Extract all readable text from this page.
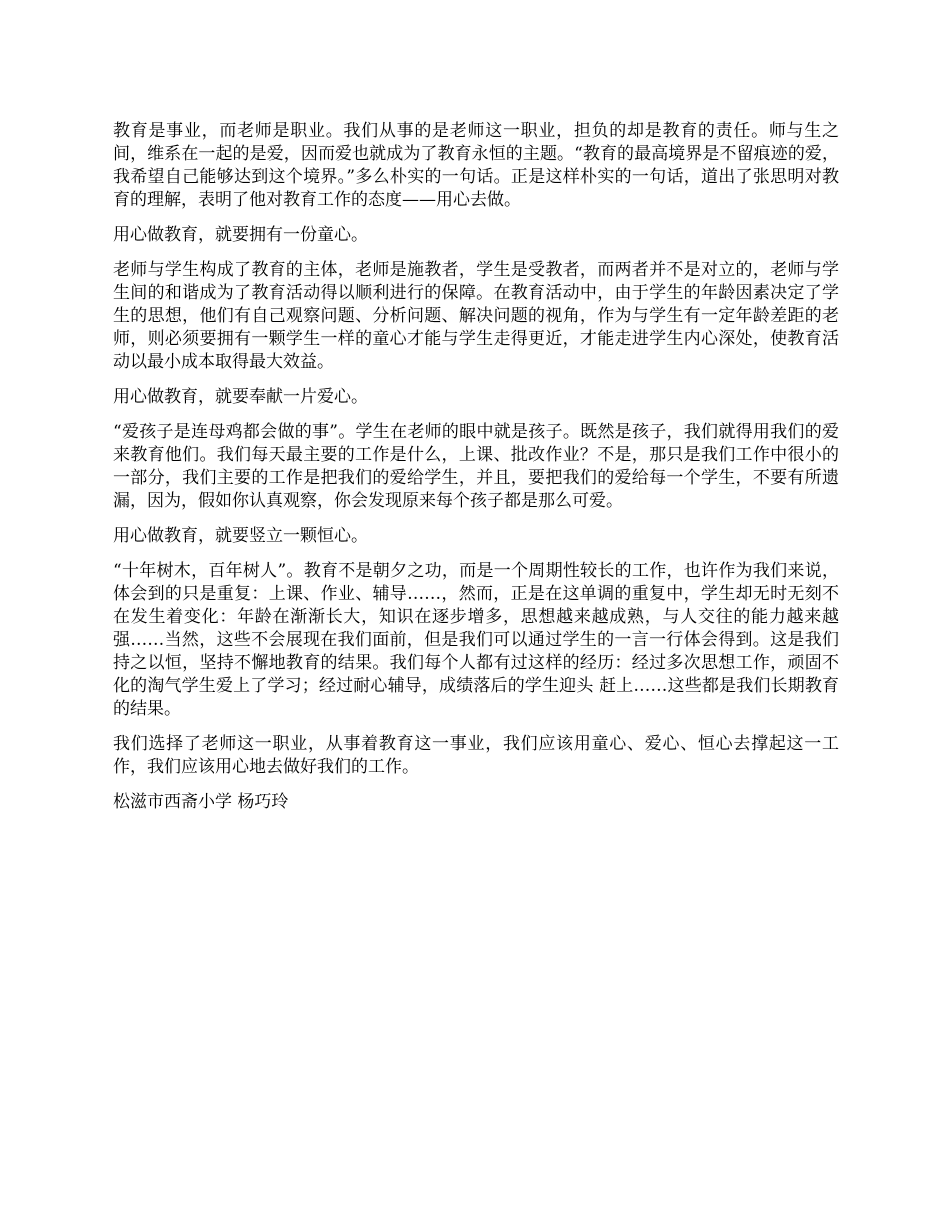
教育是事业，而老师是职业。我们从事的是老师这一职业，担负的却是教育的责任。师与生之间，维系在一起的是爱，因而爱也就成为了教育永恒的主题。“教育的最高境界是不留痕迹的爱，我希望自己能够达到这个境界。”多么朴实的一句话。正是这样朴实的一句话，道出了张思明对教育的理解，表明了他对教育工作的态度——用心去做。

用心做教育，就要拥有一份童心。

老师与学生构成了教育的主体，老师是施教者，学生是受教者，而两者并不是对立的，老师与学生间的和谐成为了教育活动得以顺利进行的保障。在教育活动中，由于学生的年龄因素决定了学生的思想，他们有自己观察问题、分析问题、解决问题的视角，作为与学生有一定年龄差距的老师，则必须要拥有一颗学生一样的童心才能与学生走得更近，才能走进学生内心深处，使教育活动以最小成本取得最大效益。

用心做教育，就要奉献一片爱心。

“爱孩子是连母鸡都会做的事”。学生在老师的眼中就是孩子。既然是孩子，我们就得用我们的爱来教育他们。我们每天最主要的工作是什么，上课、批改作业？不是，那只是我们工作中很小的一部分，我们主要的工作是把我们的爱给学生，并且，要把我们的爱给每一个学生，不要有所遗漏，因为，假如你认真观察，你会发现原来每个孩子都是那么可爱。

用心做教育，就要竖立一颗恒心。

“十年树木，百年树人”。教育不是朝夕之功，而是一个周期性较长的工作，也许作为我们来说，体会到的只是重复：上课、作业、辅导……，然而，正是在这单调的重复中，学生却无时无刻不在发生着变化：年龄在渐渐长大，知识在逐步增多，思想越来越成熟，与人交往的能力越来越强……当然，这些不会展现在我们面前，但是我们可以通过学生的一言一行体会得到。这是我们持之以恒，坚持不懈地教育的结果。我们每个人都有过这样的经历：经过多次思想工作，顽固不化的淘气学生爱上了学习；经过耐心辅导，成绩落后的学生迎头 赶上……这些都是我们长期教育的结果。

我们选择了老师这一职业，从事着教育这一事业，我们应该用童心、爱心、恒心去撑起这一工作，我们应该用心地去做好我们的工作。

松滋市西斋小学 杨巧玲
